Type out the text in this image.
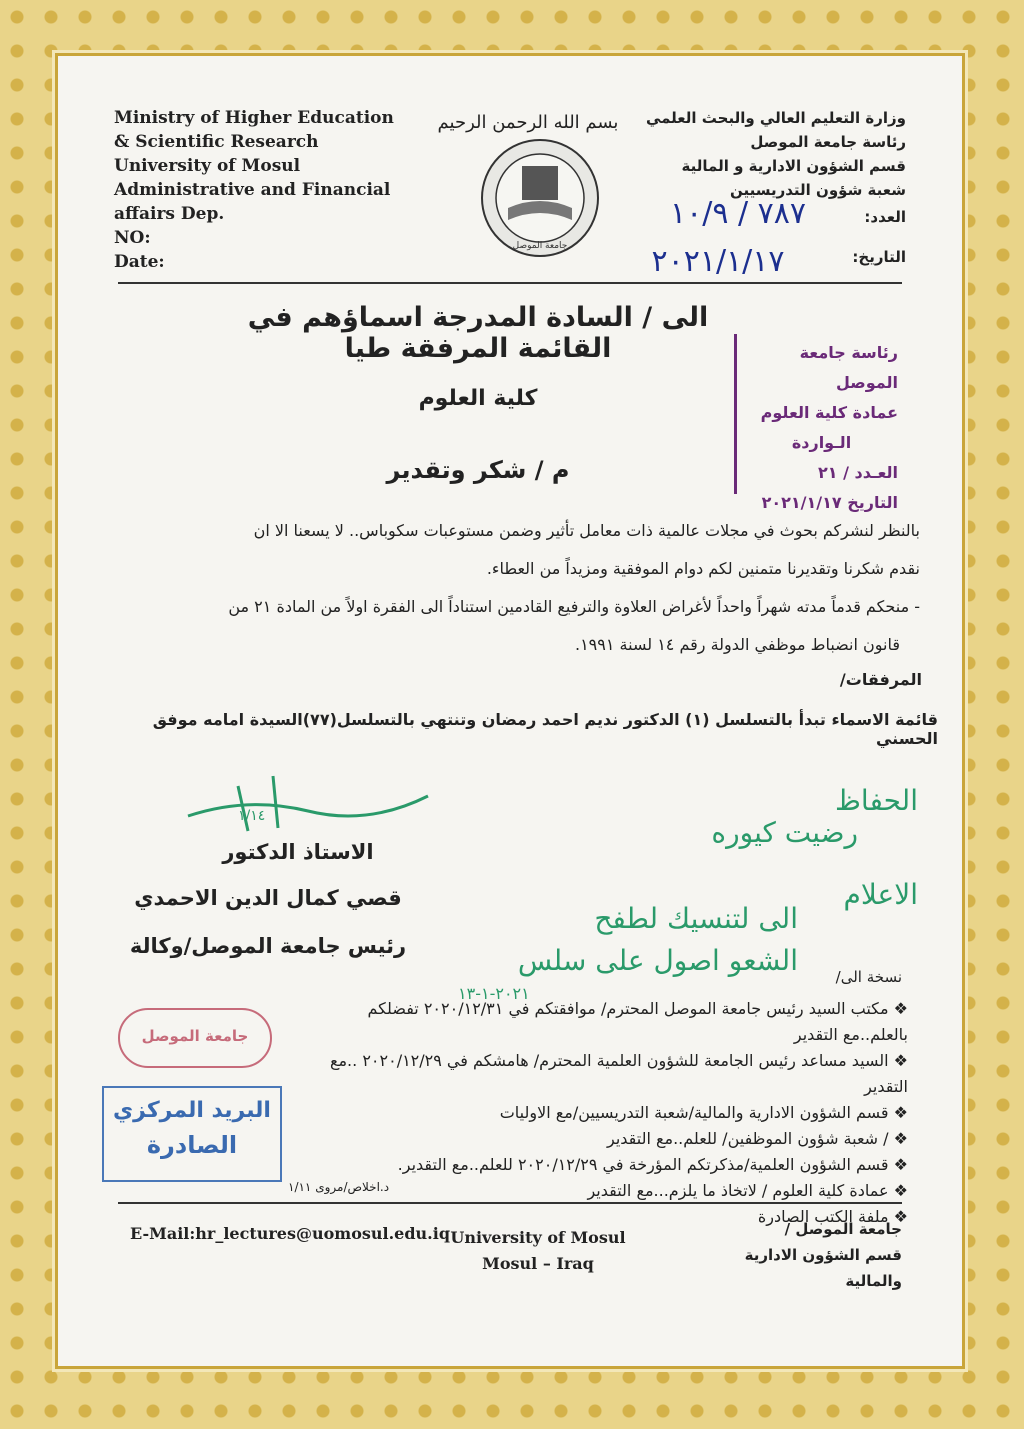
Ministry of Higher Education
& Scientific Research
University of Mosul
Administrative and Financial
affairs Dep.
NO:
Date:
بسم الله الرحمن الرحيم
جامعة الموصل
وزارة التعليم العالي والبحث العلمي
رئاسة جامعة الموصل
قسم الشؤون الادارية و المالية
شعبة شؤون التدريسيين
العدد:
التاريخ:
٧٨٧ / ١٠/٩
٢٠٢١/١/١٧
الى / السادة المدرجة اسماؤهم في القائمة المرفقة طيا
كلية العلوم
م / شكر وتقدير
رئاسة جامعة الموصل
عمادة كلية العلوم
الـواردة
العـدد / ٢١
التاريخ ٢٠٢١/١/١٧
بالنظر لنشركم بحوث في مجلات عالمية ذات معامل تأثير وضمن مستوعبات سكوباس.. لا يسعنا الا ان
نقدم شكرنا وتقديرنا متمنين لكم دوام الموفقية ومزيداً من العطاء.
- منحكم قدماً مدته شهراً واحداً لأغراض العلاوة والترفيع القادمين استناداً الى الفقرة اولاً من المادة ٢١ من
قانون انضباط موظفي الدولة رقم ١٤ لسنة ١٩٩١.
المرفقات/
قائمة الاسماء تبدأ بالتسلسل (١) الدكتور نديم احمد رمضان وتنتهي بالتسلسل(٧٧)السيدة امامه موفق الحسني
١/١٤
الاستاذ الدكتور
قصي كمال الدين الاحمدي
رئيس جامعة الموصل/وكالة
الحفاظ
رضيت كيوره
الاعلام
الى لتنسيك لطفح
الشعو اصول على سلس
٢٠٢١-١-١٣
نسخة الى/
❖ مكتب السيد رئيس جامعة الموصل المحترم/ موافقتكم في ٢٠٢٠/١٢/٣١ تفضلكم بالعلم..مع التقدير
❖ السيد مساعد رئيس الجامعة للشؤون العلمية المحترم/ هامشكم في ٢٠٢٠/١٢/٢٩ ..مع التقدير
❖ قسم الشؤون الادارية والمالية/شعبة التدريسيين/مع الاوليات
❖ / شعبة شؤون الموظفين/ للعلم..مع التقدير
❖ قسم الشؤون العلمية/مذكرتكم المؤرخة في ٢٠٢٠/١٢/٢٩ للعلم..مع التقدير.
❖ عمادة كلية العلوم / لاتخاذ ما يلزم...مع التقدير
❖ ملفة الكتب الصادرة
جامعة الموصل
البريد المركزي
الصادرة
د.اخلاص/مروى ١/١١
E-Mail:hr_lectures@uomosul.edu.iq University of Mosul
Mosul – Iraq
جامعة الموصل /
قسم الشؤون الادارية
والمالية
